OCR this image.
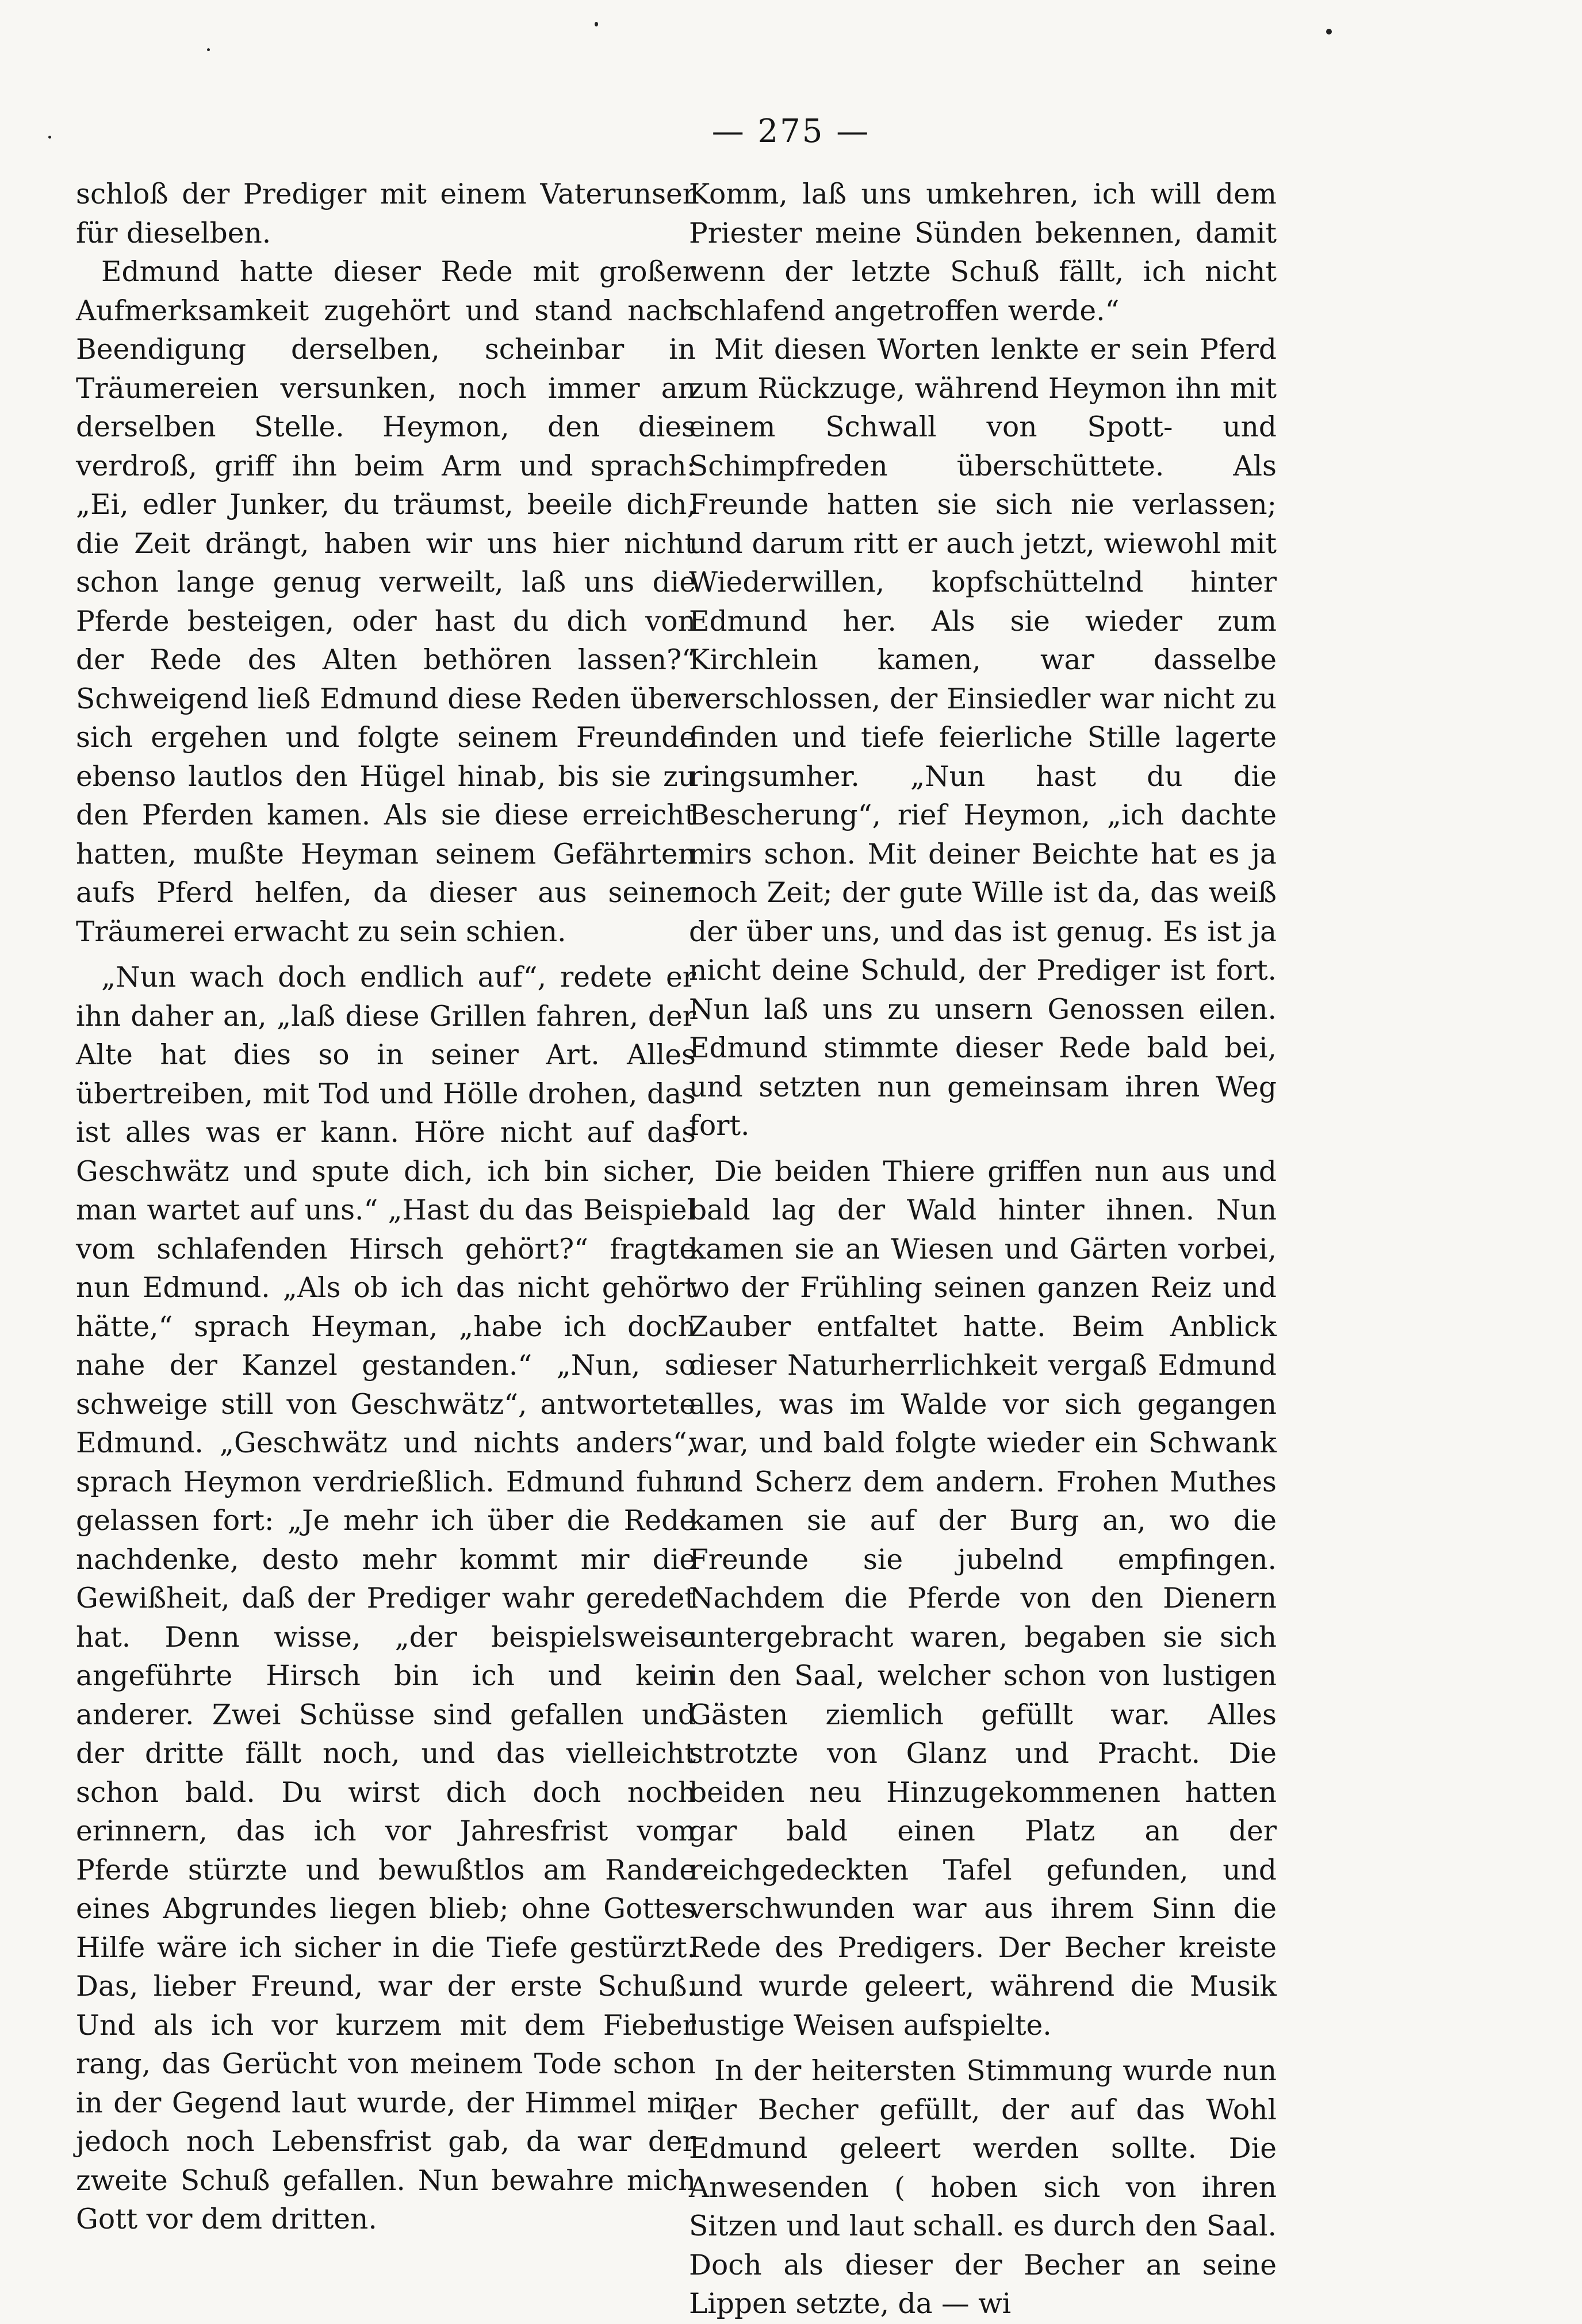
— 275 —

schloß der Prediger mit einem Vaterunser für dieselben.

Edmund hatte dieser Rede mit großer Aufmerksamkeit zugehört und stand nach Beendigung derselben, scheinbar in Träumereien versunken, noch immer an derselben Stelle. Heymon, den dies verdroß, griff ihn beim Arm und sprach: „Ei, edler Junker, du träumst, beeile dich, die Zeit drängt, haben wir uns hier nicht schon lange genug verweilt, laß uns die Pferde besteigen, oder hast du dich von der Rede des Alten bethören lassen?“ Schweigend ließ Edmund diese Reden über sich ergehen und folgte seinem Freunde ebenso lautlos den Hügel hinab, bis sie zu den Pferden kamen. Als sie diese erreicht hatten, mußte Heyman seinem Gefährten aufs Pferd helfen, da dieser aus seiner Träumerei erwacht zu sein schien.

„Nun wach doch endlich auf“, redete er ihn daher an, „laß diese Grillen fahren, der Alte hat dies so in seiner Art. Alles übertreiben, mit Tod und Hölle drohen, das ist alles was er kann. Höre nicht auf das Geschwätz und spute dich, ich bin sicher, man wartet auf uns.“ „Hast du das Beispiel vom schlafenden Hirsch gehört?“ fragte nun Edmund. „Als ob ich das nicht gehört hätte,“ sprach Heyman, „habe ich doch nahe der Kanzel gestanden.“ „Nun, so schweige still von Geschwätz“, antwortete Edmund. „Geschwätz und nichts anders“, sprach Heymon verdrießlich. Edmund fuhr gelassen fort: „Je mehr ich über die Rede nachdenke, desto mehr kommt mir die Gewißheit, daß der Prediger wahr geredet hat. Denn wisse, „der beispielsweise angeführte Hirsch bin ich und kein anderer. Zwei Schüsse sind gefallen und der dritte fällt noch, und das vielleicht schon bald. Du wirst dich doch noch erinnern, das ich vor Jahresfrist vom Pferde stürzte und bewußtlos am Rande eines Abgrundes liegen blieb; ohne Gottes Hilfe wäre ich sicher in die Tiefe gestürzt. Das, lieber Freund, war der erste Schuß. Und als ich vor kurzem mit dem Fieber rang, das Gerücht von meinem Tode schon in der Gegend laut wurde, der Himmel mir jedoch noch Lebensfrist gab, da war der zweite Schuß gefallen. Nun bewahre mich Gott vor dem dritten.

Komm, laß uns umkehren, ich will dem Priester meine Sünden bekennen, damit wenn der letzte Schuß fällt, ich nicht schlafend angetroffen werde.“

Mit diesen Worten lenkte er sein Pferd zum Rückzuge, während Heymon ihn mit einem Schwall von Spott- und Schimpfreden überschüttete. Als Freunde hatten sie sich nie verlassen; und darum ritt er auch jetzt, wiewohl mit Wiederwillen, kopfschüttelnd hinter Edmund her. Als sie wieder zum Kirchlein kamen, war dasselbe verschlossen, der Einsiedler war nicht zu finden und tiefe feierliche Stille lagerte ringsumher. „Nun hast du die Bescherung“, rief Heymon, „ich dachte mirs schon. Mit deiner Beichte hat es ja noch Zeit; der gute Wille ist da, das weiß der über uns, und das ist genug. Es ist ja nicht deine Schuld, der Prediger ist fort. Nun laß uns zu unsern Genossen eilen. Edmund stimmte dieser Rede bald bei, und setzten nun gemeinsam ihren Weg fort.

Die beiden Thiere griffen nun aus und bald lag der Wald hinter ihnen. Nun kamen sie an Wiesen und Gärten vorbei, wo der Frühling seinen ganzen Reiz und Zauber entfaltet hatte. Beim Anblick dieser Naturherrlichkeit vergaß Edmund alles, was im Walde vor sich gegangen war, und bald folgte wieder ein Schwank und Scherz dem andern. Frohen Muthes kamen sie auf der Burg an, wo die Freunde sie jubelnd empfingen. Nachdem die Pferde von den Dienern untergebracht waren, begaben sie sich in den Saal, welcher schon von lustigen Gästen ziemlich gefüllt war. Alles strotzte von Glanz und Pracht. Die beiden neu Hinzugekommenen hatten gar bald einen Platz an der reichgedeckten Tafel gefunden, und verschwunden war aus ihrem Sinn die Rede des Predigers. Der Becher kreiste und wurde geleert, während die Musik lustige Weisen aufspielte.

In der heitersten Stimmung wurde nun der Becher gefüllt, der auf das Wohl Edmund geleert werden sollte. Die Anwesenden ( hoben sich von ihren Sitzen und laut schall. es durch den Saal. Doch als dieser der Becher an seine Lippen setzte, da — wi
